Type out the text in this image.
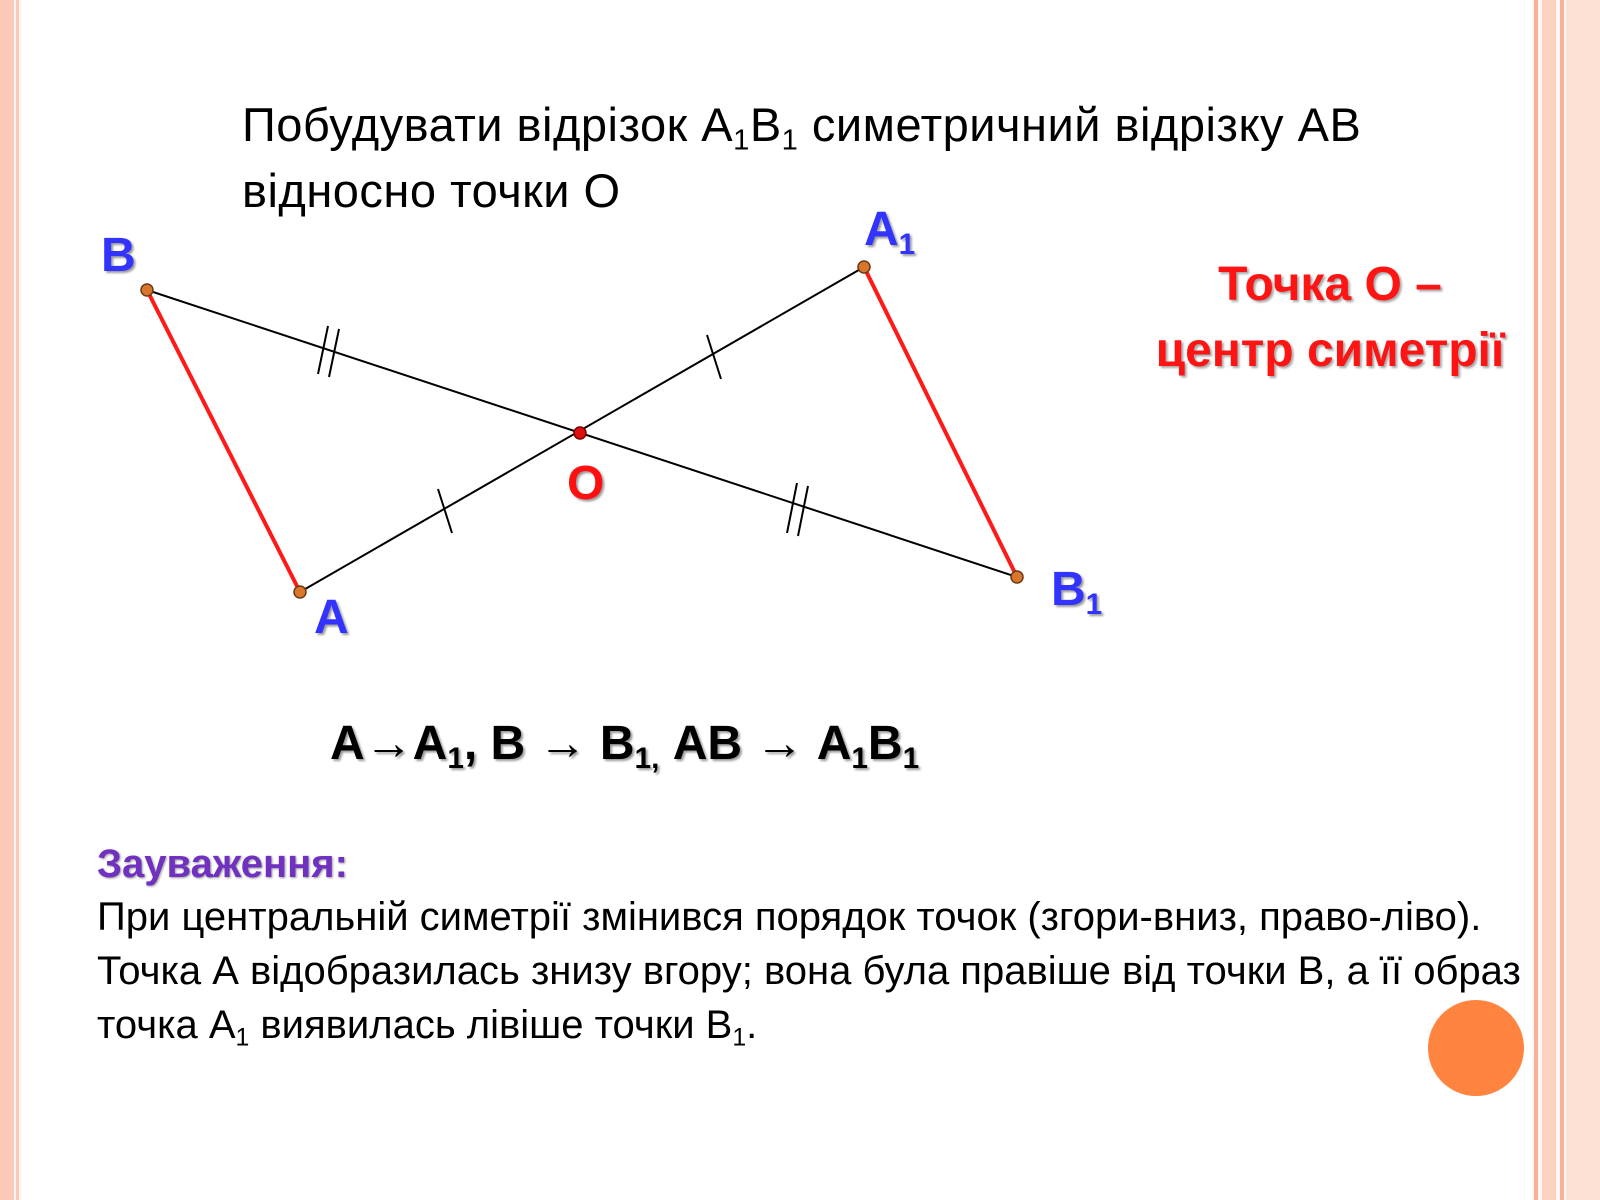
Побудувати відрізок $А_1В_1$ симетричний відрізку АВ відносно точки О
В
А
О
$А_1$
$В_1$
Точка О –
центр симетрії
$А\to А_1$, $В \to В_{1,}$ АВ → $А_1В_1$
Зауваження:

При центральній симетрії змінився порядок точок (згори-вниз, право-ліво).

Точка А відобразилась знизу вгору; вона була правіше від точки В, а її образ точка $А_1$ виявилась лівіше точки $В_1$.
